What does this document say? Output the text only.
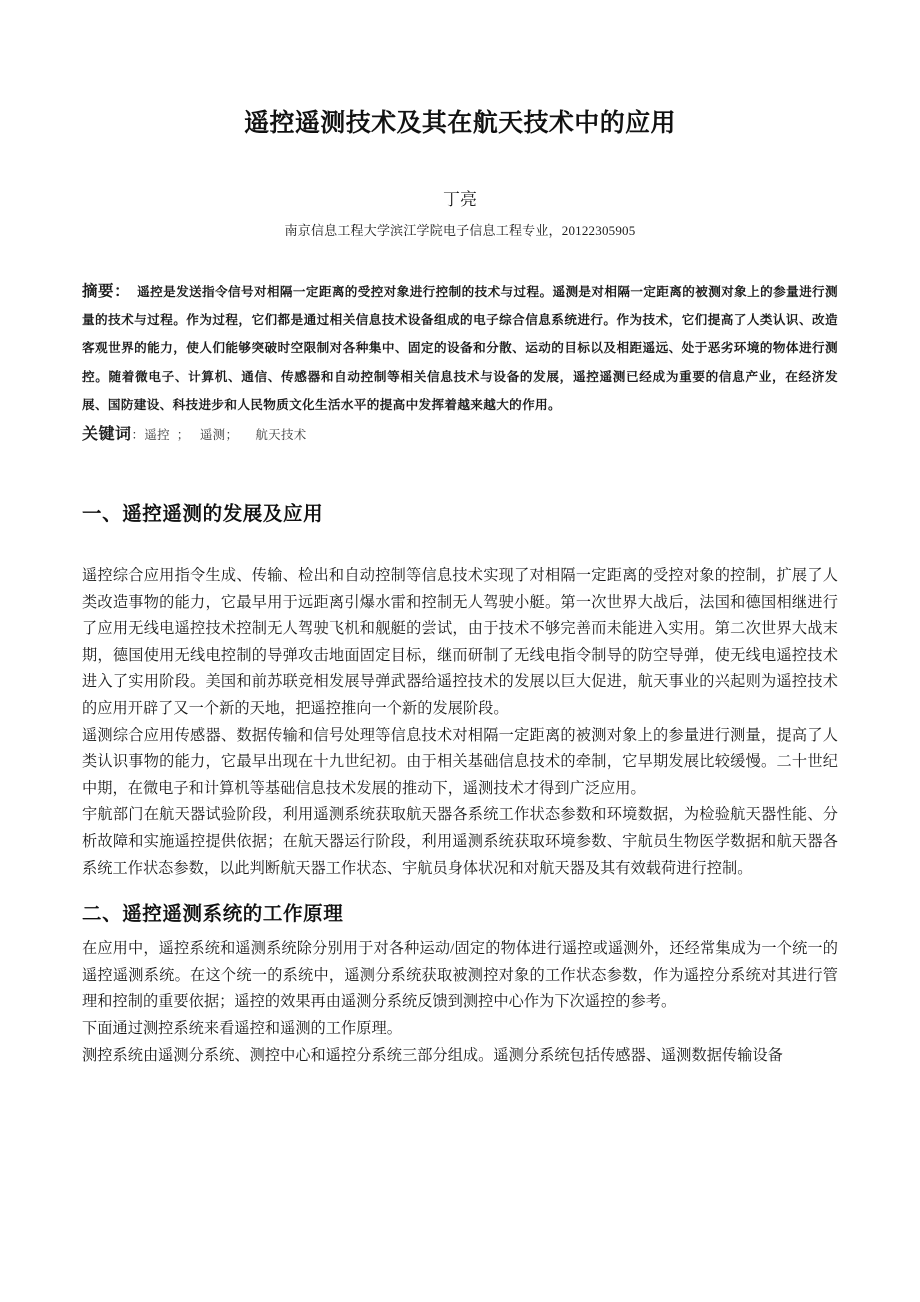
遥控遥测技术及其在航天技术中的应用

丁亮

南京信息工程大学滨江学院电子信息工程专业，20122305905

摘要： 遥控是发送指令信号对相隔一定距离的受控对象进行控制的技术与过程。遥测是对相隔一定距离的被测对象上的参量进行测量的技术与过程。作为过程，它们都是通过相关信息技术设备组成的电子综合信息系统进行。作为技术，它们提高了人类认识、改造客观世界的能力，使人们能够突破时空限制对各种集中、固定的设备和分散、运动的目标以及相距遥远、处于恶劣环境的物体进行测控。随着微电子、计算机、通信、传感器和自动控制等相关信息技术与设备的发展，遥控遥测已经成为重要的信息产业，在经济发展、国防建设、科技进步和人民物质文化生活水平的提高中发挥着越来越大的作用。

关键词：遥控  ；   遥测；     航天技术

一、遥控遥测的发展及应用

遥控综合应用指令生成、传输、检出和自动控制等信息技术实现了对相隔一定距离的受控对象的控制，扩展了人类改造事物的能力，它最早用于远距离引爆水雷和控制无人驾驶小艇。第一次世界大战后，法国和德国相继进行了应用无线电遥控技术控制无人驾驶飞机和舰艇的尝试，由于技术不够完善而未能进入实用。第二次世界大战末期，德国使用无线电控制的导弹攻击地面固定目标，继而研制了无线电指令制导的防空导弹，使无线电遥控技术进入了实用阶段。美国和前苏联竞相发展导弹武器给遥控技术的发展以巨大促进，航天事业的兴起则为遥控技术的应用开辟了又一个新的天地，把遥控推向一个新的发展阶段。

遥测综合应用传感器、数据传输和信号处理等信息技术对相隔一定距离的被测对象上的参量进行测量，提高了人类认识事物的能力，它最早出现在十九世纪初。由于相关基础信息技术的牵制，它早期发展比较缓慢。二十世纪中期，在微电子和计算机等基础信息技术发展的推动下，遥测技术才得到广泛应用。

宇航部门在航天器试验阶段，利用遥测系统获取航天器各系统工作状态参数和环境数据，为检验航天器性能、分析故障和实施遥控提供依据；在航天器运行阶段，利用遥测系统获取环境参数、宇航员生物医学数据和航天器各系统工作状态参数，以此判断航天器工作状态、宇航员身体状况和对航天器及其有效载荷进行控制。

二、遥控遥测系统的工作原理

在应用中，遥控系统和遥测系统除分别用于对各种运动/固定的物体进行遥控或遥测外，还经常集成为一个统一的遥控遥测系统。在这个统一的系统中，遥测分系统获取被测控对象的工作状态参数，作为遥控分系统对其进行管理和控制的重要依据；遥控的效果再由遥测分系统反馈到测控中心作为下次遥控的参考。

下面通过测控系统来看遥控和遥测的工作原理。

测控系统由遥测分系统、测控中心和遥控分系统三部分组成。遥测分系统包括传感器、遥测数据传输设备
